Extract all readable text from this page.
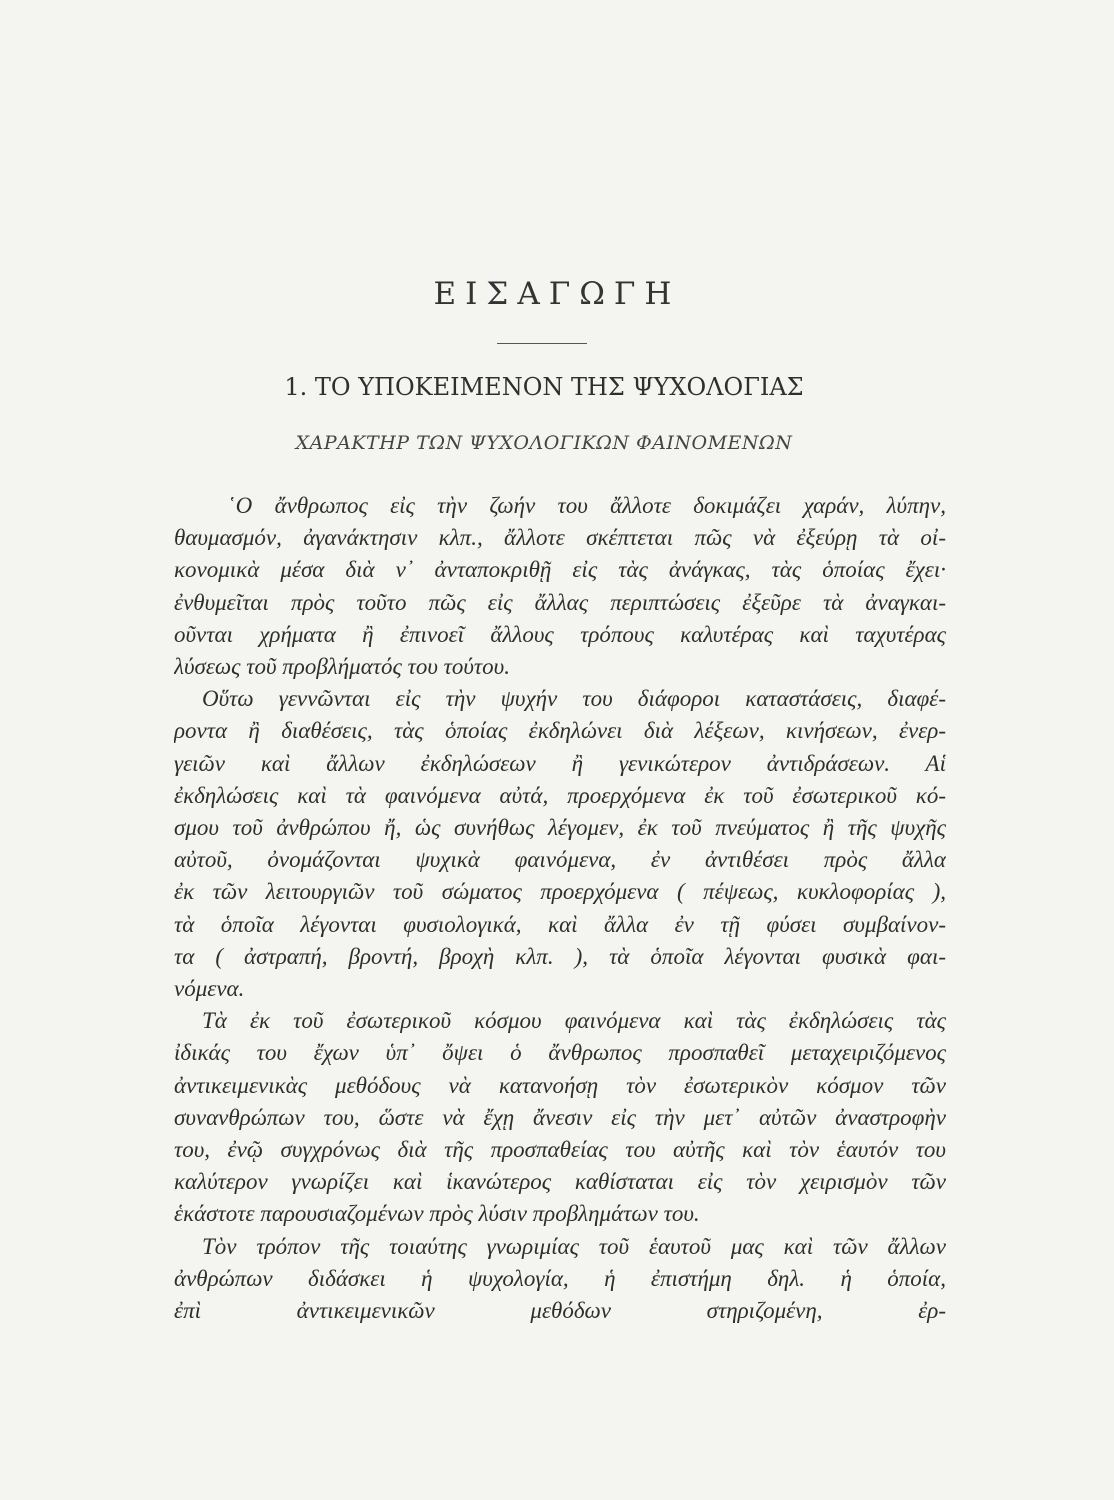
ΕΙΣΑΓΩΓΗ
1. ΤΟ ΥΠΟΚΕΙΜΕΝΟΝ ΤΗΣ ΨΥΧΟΛΟΓΙΑΣ
ΧΑΡΑΚΤΗΡ ΤΩΝ ΨΥΧΟΛΟΓΙΚΩΝ ΦΑΙΝΟΜΕΝΩΝ
῾Ο ἄνθρωπος εἰς τὴν ζωήν του ἄλλοτε δοκιμάζει χαράν, λύπην,
θαυμασμόν, ἀγανάκτησιν κλπ., ἄλλοτε σκέπτεται πῶς νὰ ἐξεύρῃ τὰ οἰ-
κονομικὰ μέσα διὰ ν᾿ ἀνταποκριθῇ εἰς τὰς ἀνάγκας, τὰς ὁποίας ἔχει·
ἐνθυμεῖται πρὸς τοῦτο πῶς εἰς ἄλλας περιπτώσεις ἐξεῦρε τὰ ἀναγκαι-
οῦνται χρήματα ἢ ἐπινοεῖ ἄλλους τρόπους καλυτέρας καὶ ταχυτέρας
λύσεως τοῦ προβλήματός του τούτου.
Οὕτω γεννῶνται εἰς τὴν ψυχήν του διάφοροι καταστάσεις, διαφέ-
ροντα ἢ διαθέσεις, τὰς ὁποίας ἐκδηλώνει διὰ λέξεων, κινήσεων, ἐνερ-
γειῶν καὶ ἄλλων ἐκδηλώσεων ἢ γενικώτερον ἀντιδράσεων. Αἱ
ἐκδηλώσεις καὶ τὰ φαινόμενα αὐτά, προερχόμενα ἐκ τοῦ ἐσωτερικοῦ κό-
σμου τοῦ ἀνθρώπου ἤ, ὡς συνήθως λέγομεν, ἐκ τοῦ πνεύματος ἢ τῆς ψυχῆς
αὐτοῦ, ὀνομάζονται ψυχικὰ φαινόμενα, ἐν ἀντιθέσει πρὸς ἄλλα
ἐκ τῶν λειτουργιῶν τοῦ σώματος προερχόμενα ( πέψεως, κυκλοφορίας ),
τὰ ὁποῖα λέγονται φυσιολογικά, καὶ ἄλλα ἐν τῇ φύσει συμβαίνον-
τα ( ἀστραπή, βροντή, βροχὴ κλπ. ), τὰ ὁποῖα λέγονται φυσικὰ φαι-
νόμενα.
Τὰ ἐκ τοῦ ἐσωτερικοῦ κόσμου φαινόμενα καὶ τὰς ἐκδηλώσεις τὰς
ἰδικάς του ἔχων ὑπ᾿ ὄψει ὁ ἄνθρωπος προσπαθεῖ μεταχειριζόμενος
ἀντικειμενικὰς μεθόδους νὰ κατανοήσῃ τὸν ἐσωτερικὸν κόσμον τῶν
συνανθρώπων του, ὥστε νὰ ἔχῃ ἄνεσιν εἰς τὴν μετ᾿ αὐτῶν ἀναστροφὴν
του, ἐνῷ συγχρόνως διὰ τῆς προσπαθείας του αὐτῆς καὶ τὸν ἑαυτόν του
καλύτερον γνωρίζει καὶ ἱκανώτερος καθίσταται εἰς τὸν χειρισμὸν τῶν
ἑκάστοτε παρουσιαζομένων πρὸς λύσιν προβλημάτων του.
Τὸν τρόπον τῆς τοιαύτης γνωριμίας τοῦ ἑαυτοῦ μας καὶ τῶν ἄλλων
ἀνθρώπων διδάσκει ἡ ψυχολογία, ἡ ἐπιστήμη δηλ. ἡ ὁποία,
ἐπὶ ἀντικειμενικῶν μεθόδων στηριζομένη, ἐρ-
